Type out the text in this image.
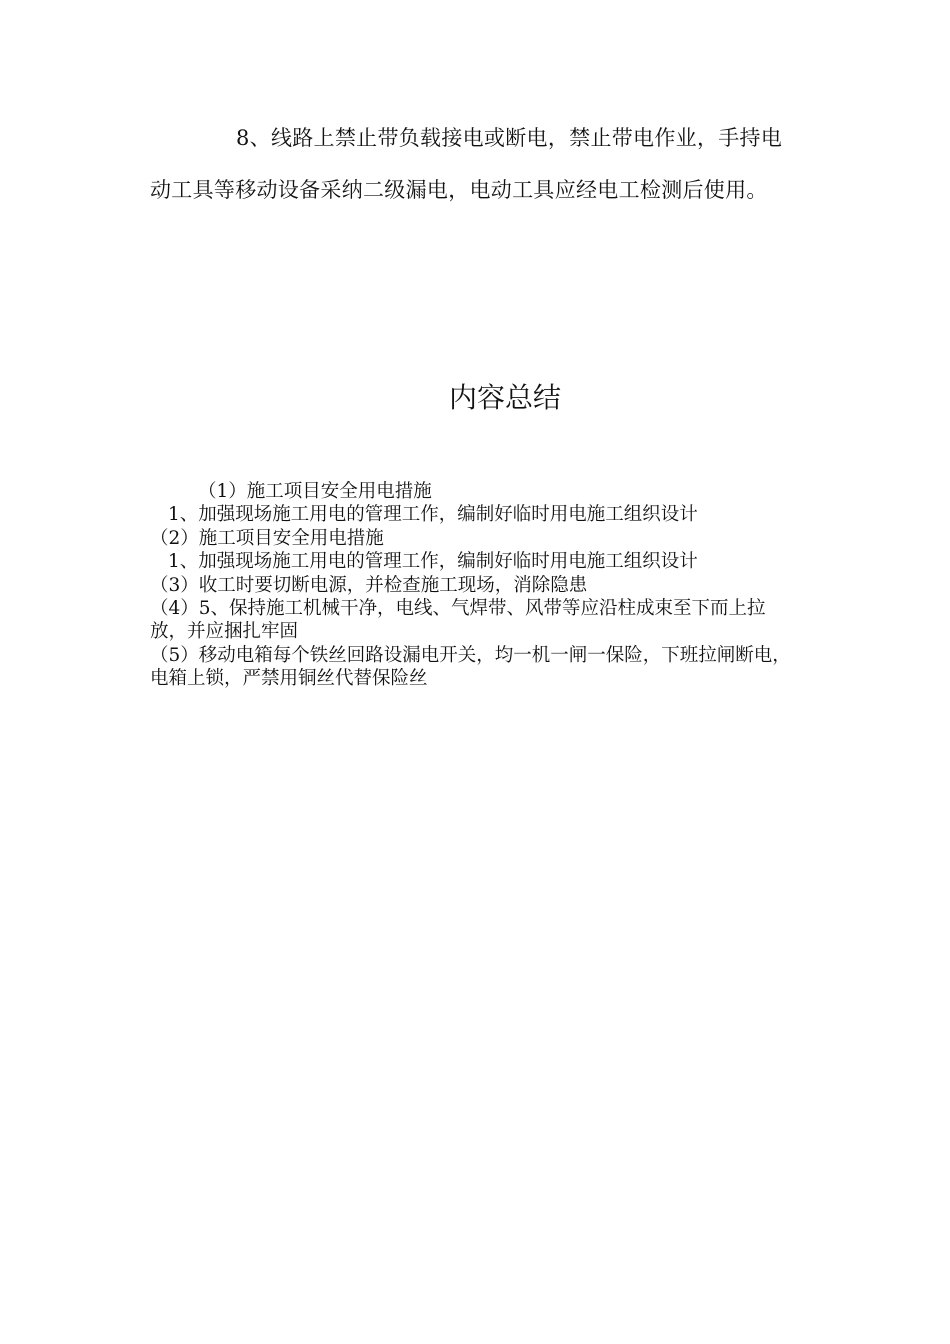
8、线路上禁止带负载接电或断电，禁止带电作业，手持电动工具等移动设备采纳二级漏电，电动工具应经电工检测后使用。

内容总结

（1）施工项目安全用电措施

1、加强现场施工用电的管理工作，编制好临时用电施工组织设计

（2）施工项目安全用电措施

1、加强现场施工用电的管理工作，编制好临时用电施工组织设计

（3）收工时要切断电源，并检查施工现场，消除隐患

（4）5、保持施工机械干净，电线、气焊带、风带等应沿柱成束至下而上拉放，并应捆扎牢固

（5）移动电箱每个铁丝回路设漏电开关，均一机一闸一保险，下班拉闸断电，电箱上锁，严禁用铜丝代替保险丝
